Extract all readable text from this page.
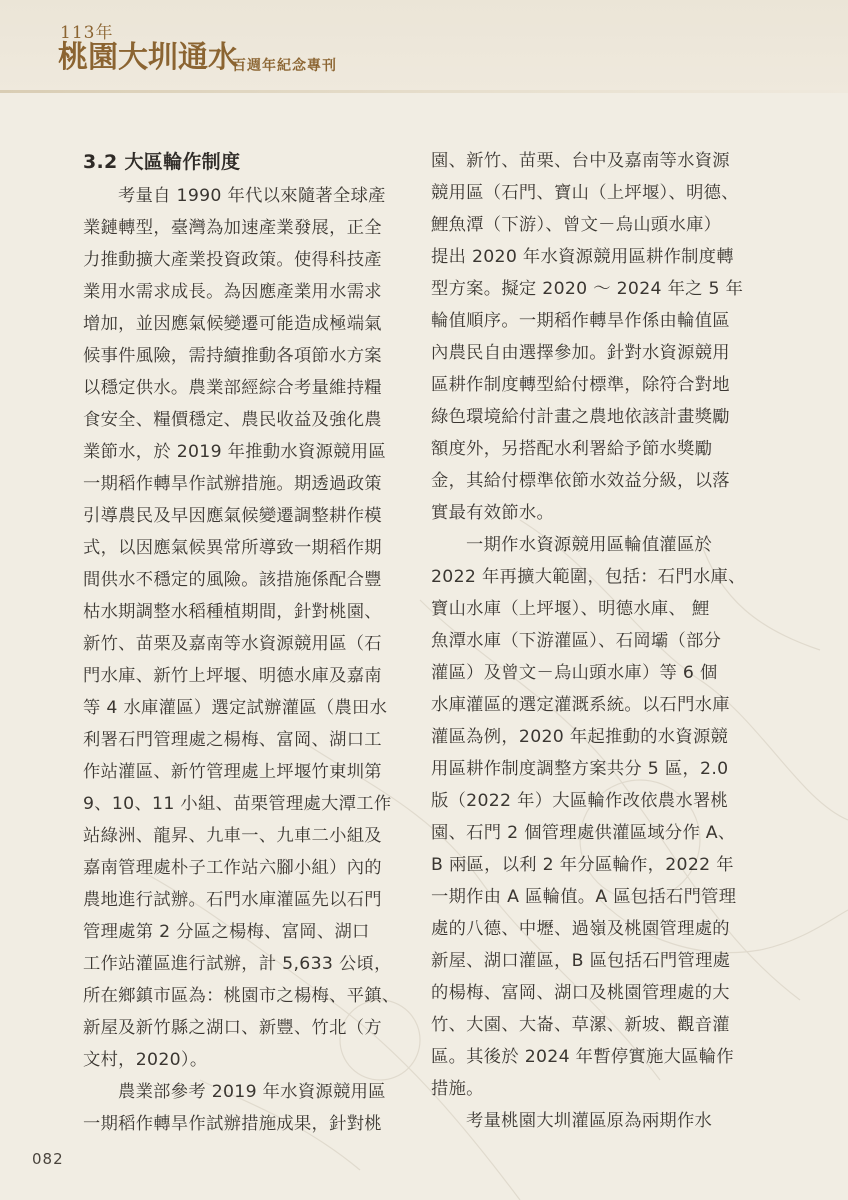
113年
桃園大圳通水
百週年紀念專刊
3.2 大區輪作制度
考量自 1990 年代以來隨著全球產
業鏈轉型，臺灣為加速產業發展，正全
力推動擴大產業投資政策。使得科技產
業用水需求成長。為因應產業用水需求
增加，並因應氣候變遷可能造成極端氣
候事件風險，需持續推動各項節水方案
以穩定供水。農業部經綜合考量維持糧
食安全、糧價穩定、農民收益及強化農
業節水，於 2019 年推動水資源競用區
一期稻作轉旱作試辦措施。期透過政策
引導農民及早因應氣候變遷調整耕作模
式，以因應氣候異常所導致一期稻作期
間供水不穩定的風險。該措施係配合豐
枯水期調整水稻種植期間，針對桃園、
新竹、苗栗及嘉南等水資源競用區（石
門水庫、新竹上坪堰、明德水庫及嘉南
等 4 水庫灌區）選定試辦灌區（農田水
利署石門管理處之楊梅、富岡、湖口工
作站灌區、新竹管理處上坪堰竹東圳第
9、10、11 小組、苗栗管理處大潭工作
站綠洲、龍昇、九車一、九車二小組及
嘉南管理處朴子工作站六腳小組）內的
農地進行試辦。石門水庫灌區先以石門
管理處第 2 分區之楊梅、富岡、湖口
工作站灌區進行試辦，計 5,633 公頃，
所在鄉鎮市區為：桃園市之楊梅、平鎮、
新屋及新竹縣之湖口、新豐、竹北（方
文村，2020）。
農業部參考 2019 年水資源競用區
一期稻作轉旱作試辦措施成果，針對桃
園、新竹、苗栗、台中及嘉南等水資源
競用區（石門、寶山（上坪堰）、明德、
鯉魚潭（下游）、曾文－烏山頭水庫）
提出 2020 年水資源競用區耕作制度轉
型方案。擬定 2020 ～ 2024 年之 5 年
輪值順序。一期稻作轉旱作係由輪值區
內農民自由選擇參加。針對水資源競用
區耕作制度轉型給付標準，除符合對地
綠色環境給付計畫之農地依該計畫獎勵
額度外，另搭配水利署給予節水獎勵
金，其給付標準依節水效益分級，以落
實最有效節水。
一期作水資源競用區輪值灌區於
2022 年再擴大範圍，包括：石門水庫、
寶山水庫（上坪堰）、明德水庫、 鯉
魚潭水庫（下游灌區）、石岡壩（部分
灌區）及曾文－烏山頭水庫）等 6 個
水庫灌區的選定灌溉系統。以石門水庫
灌區為例，2020 年起推動的水資源競
用區耕作制度調整方案共分 5 區，2.0
版（2022 年）大區輪作改依農水署桃
園、石門 2 個管理處供灌區域分作 A、
B 兩區，以利 2 年分區輪作，2022 年
一期作由 A 區輪值。A 區包括石門管理
處的八德、中壢、過嶺及桃園管理處的
新屋、湖口灌區，B 區包括石門管理處
的楊梅、富岡、湖口及桃園管理處的大
竹、大園、大崙、草漯、新坡、觀音灌
區。其後於 2024 年暫停實施大區輪作
措施。
考量桃園大圳灌區原為兩期作水
082
